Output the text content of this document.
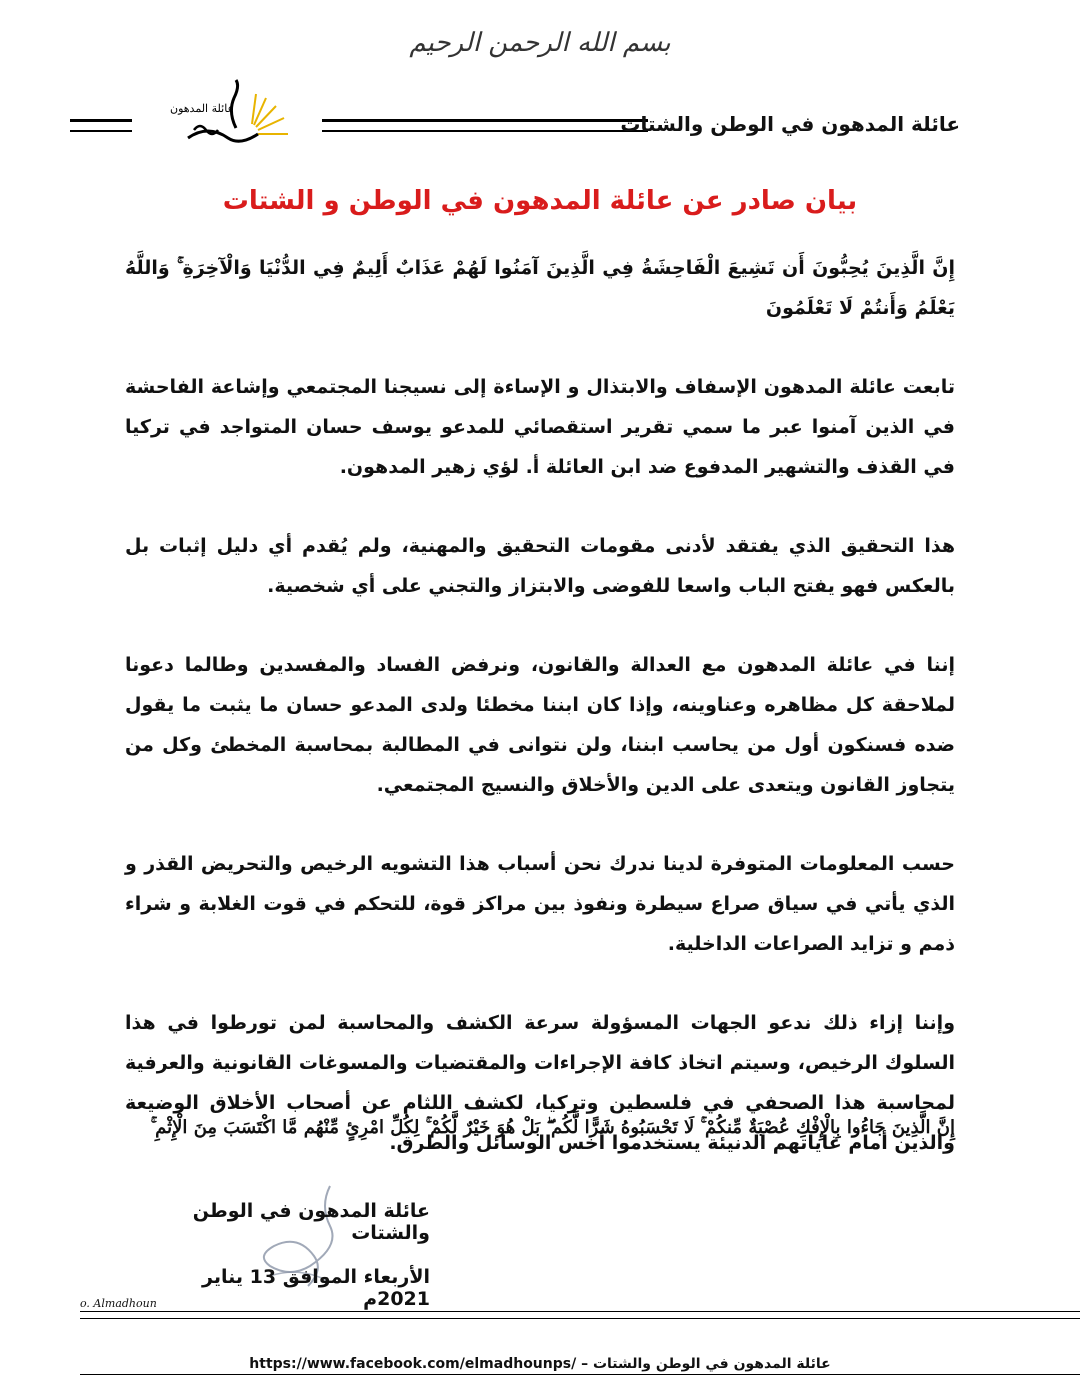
بسم الله الرحمن الرحيم
عائلة المدهون
عائلة المدهون في الوطن والشتات
بيان صادر عن عائلة المدهون في الوطن و الشتات

إِنَّ الَّذِينَ يُحِبُّونَ أَن تَشِيعَ الْفَاحِشَةُ فِي الَّذِينَ آمَنُوا لَهُمْ عَذَابٌ أَلِيمٌ فِي الدُّنْيَا وَالْآخِرَةِ ۚ وَاللَّهُ يَعْلَمُ وَأَنتُمْ لَا تَعْلَمُونَ

تابعت عائلة المدهون الإسفاف والابتذال و الإساءة إلى نسيجنا المجتمعي وإشاعة الفاحشة في الذين آمنوا عبر ما سمي تقرير استقصائي للمدعو يوسف حسان المتواجد في تركيا في القذف والتشهير المدفوع ضد ابن العائلة أ. لؤي زهير المدهون.

هذا التحقيق الذي يفتقد لأدنى مقومات التحقيق والمهنية، ولم يُقدم أي دليل إثبات بل بالعكس فهو يفتح الباب واسعا للفوضى والابتزاز والتجني على أي شخصية.

إننا في عائلة المدهون مع العدالة والقانون، ونرفض الفساد والمفسدين وطالما دعونا لملاحقة كل مظاهره وعناوينه، وإذا كان ابننا مخطئا ولدى المدعو حسان ما يثبت ما يقول ضده فسنكون أول من يحاسب ابننا، ولن نتوانى في المطالبة بمحاسبة المخطئ وكل من يتجاوز القانون ويتعدى على الدين والأخلاق والنسيج المجتمعي.

حسب المعلومات المتوفرة لدينا ندرك نحن أسباب هذا التشويه الرخيص والتحريض القذر و الذي يأتي في سياق صراع سيطرة ونفوذ بين مراكز قوة، للتحكم في قوت الغلابة و شراء ذمم و تزايد الصراعات الداخلية.

وإننا إزاء ذلك ندعو الجهات المسؤولة سرعة الكشف والمحاسبة لمن تورطوا في هذا السلوك الرخيص، وسيتم اتخاذ كافة الإجراءات والمقتضيات والمسوغات القانونية والعرفية لمحاسبة هذا الصحفي في فلسطين وتركيا، لكشف اللثام عن أصحاب الأخلاق الوضيعة والذين أمام غاياتهم الدنيئة يستخدموا أخس الوسائل والطرق.

إِنَّ الَّذِينَ جَاءُوا بِالْإِفْكِ عُصْبَةٌ مِّنكُمْ ۚ لَا تَحْسَبُوهُ شَرًّا لَّكُم ۖ بَلْ هُوَ خَيْرٌ لَّكُمْ ۚ لِكُلِّ امْرِئٍ مِّنْهُم مَّا اكْتَسَبَ مِنَ الْإِثْمِ ۚ
عائلة المدهون في الوطن والشتات
الأربعاء الموافق 13 يناير 2021م
o. Almadhoun
https://www.facebook.com/elmadhounps/ – عائلة المدهون في الوطن والشتات
